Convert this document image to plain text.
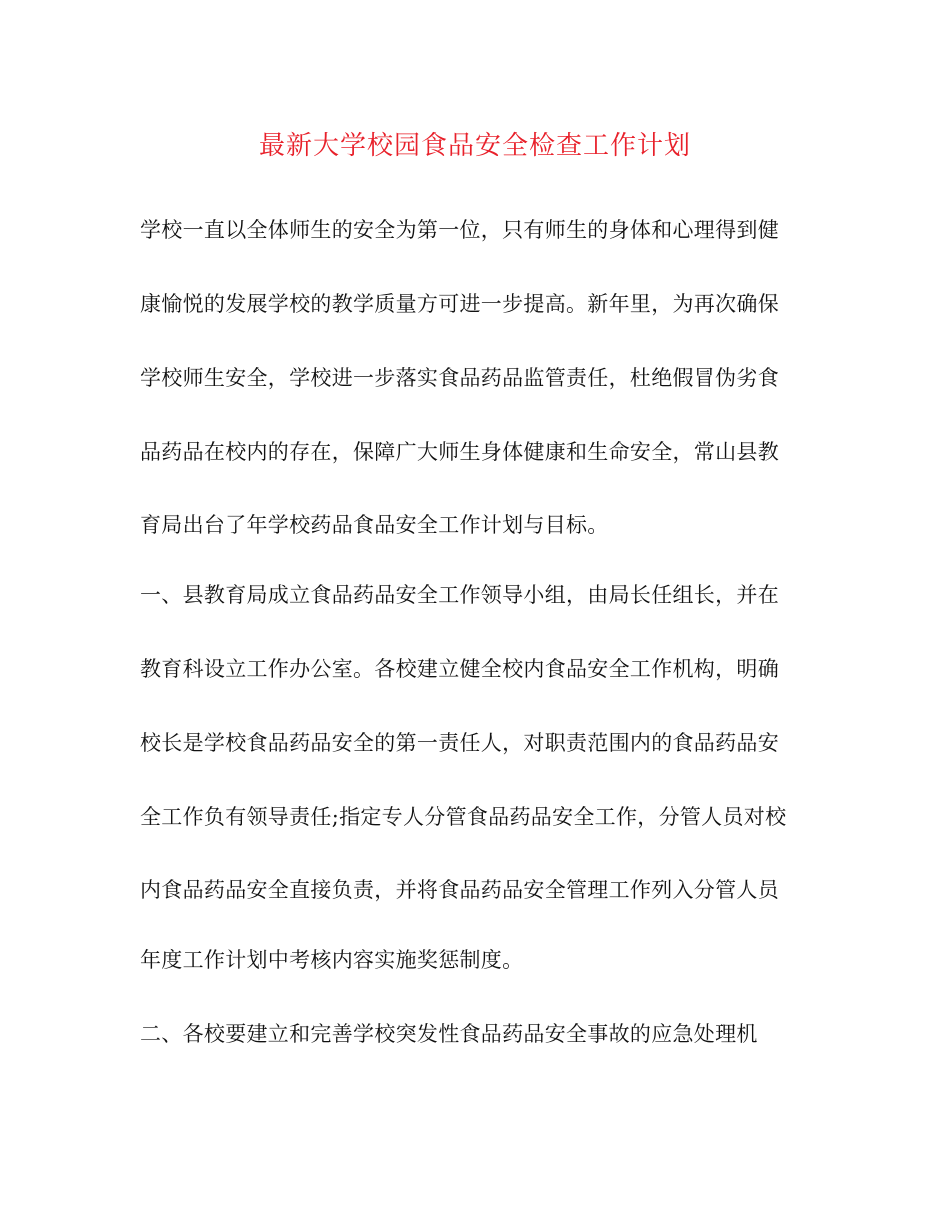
最新大学校园食品安全检查工作计划
学校一直以全体师生的安全为第一位，只有师生的身体和心理得到健
康愉悦的发展学校的教学质量方可进一步提高。新年里，为再次确保
学校师生安全，学校进一步落实食品药品监管责任，杜绝假冒伪劣食
品药品在校内的存在，保障广大师生身体健康和生命安全，常山县教
育局出台了年学校药品食品安全工作计划与目标。
一、县教育局成立食品药品安全工作领导小组，由局长任组长，并在
教育科设立工作办公室。各校建立健全校内食品安全工作机构，明确
校长是学校食品药品安全的第一责任人，对职责范围内的食品药品安
全工作负有领导责任;指定专人分管食品药品安全工作，分管人员对校
内食品药品安全直接负责，并将食品药品安全管理工作列入分管人员
年度工作计划中考核内容实施奖惩制度。
二、各校要建立和完善学校突发性食品药品安全事故的应急处理机
